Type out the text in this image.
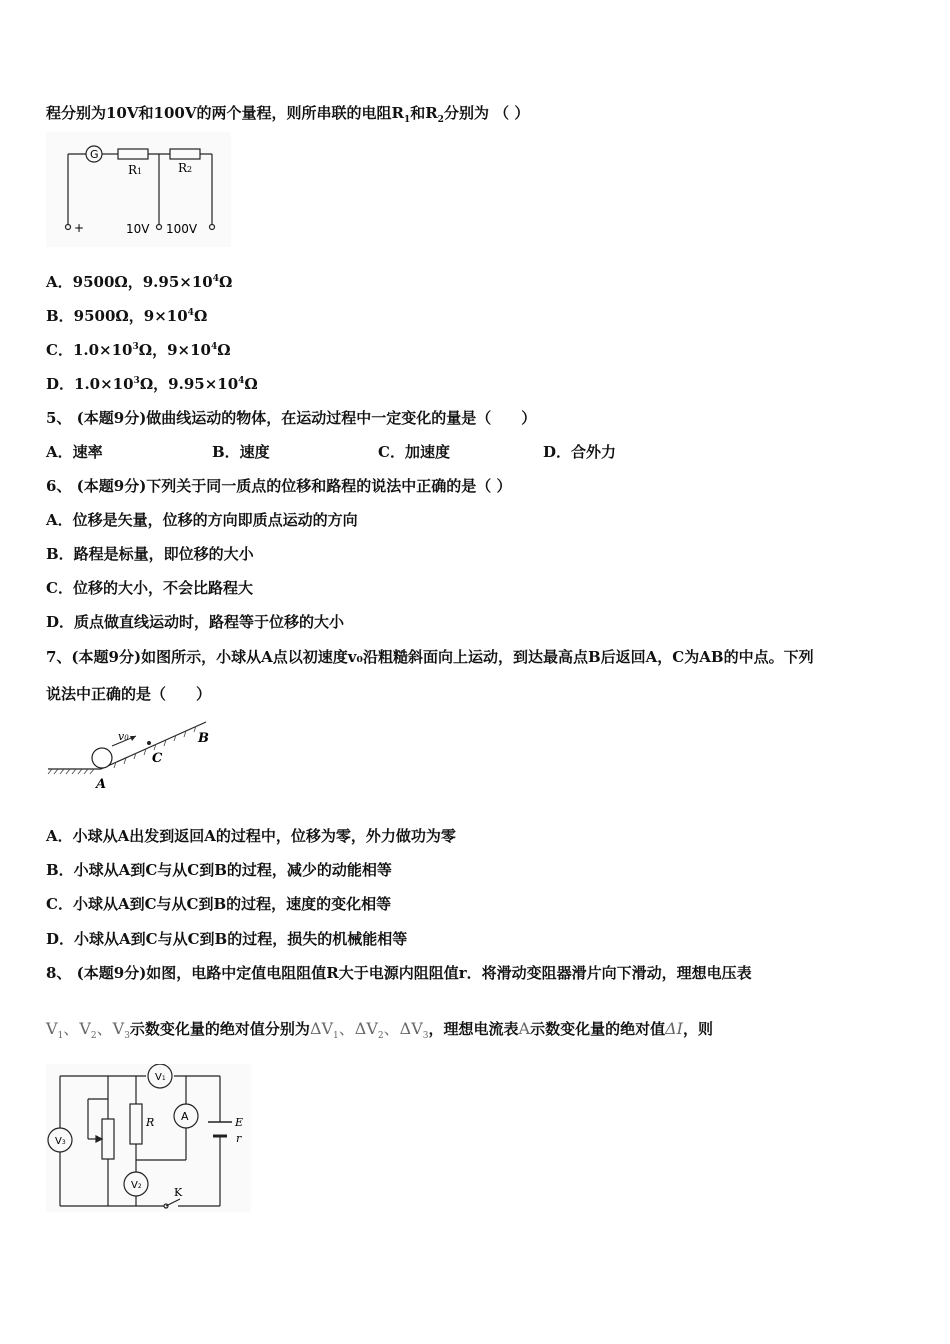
程分别为10V和100V的两个量程，则所串联的电阻$R_1$和$R_2$分别为 （ ）
G
R1	R2
+	10V 100V
A．9500Ω，$9.95\times 10^4\Omega$
B．9500Ω，$9\times 10^4\Omega$
C．$1.0\times 10^3\Omega$，$9\times 10^4\Omega$
D．$1.0\times 10^3\Omega$，$9.95\times 10^4\Omega$
5、 (本题9分)做曲线运动的物体，在运动过程中一定变化的量是（　　）
A．速率	B．速度	C．加速度	D．合外力
6、 (本题9分)下列关于同一质点的位移和路程的说法中正确的是（ ）
A．位移是矢量，位移的方向即质点运动的方向
B．路程是标量，即位移的大小
C．位移的大小，不会比路程大
D．质点做直线运动时，路程等于位移的大小
7、(本题9分)如图所示，小球从A点以初速度v₀沿粗糙斜面向上运动，到达最高点B后返回A，C为AB的中点。下列
说法中正确的是（　　）
v0
C
B
A
A．小球从A出发到返回A的过程中，位移为零，外力做功为零
B．小球从A到C与从C到B的过程，减少的动能相等
C．小球从A到C与从C到B的过程，速度的变化相等
D．小球从A到C与从C到B的过程，损失的机械能相等
8、 (本题9分)如图，电路中定值电阻阻值R大于电源内阻阻值r．将滑动变阻器滑片向下滑动，理想电压表
$V_1$、$V_2$、$V_3$示数变化量的绝对值分别为$\Delta V_1$、$\Delta V_2$、$\Delta V_3$，理想电流表A示数变化量的绝对值ΔI，则
V3
V1
V2
A
R	E
r
K
